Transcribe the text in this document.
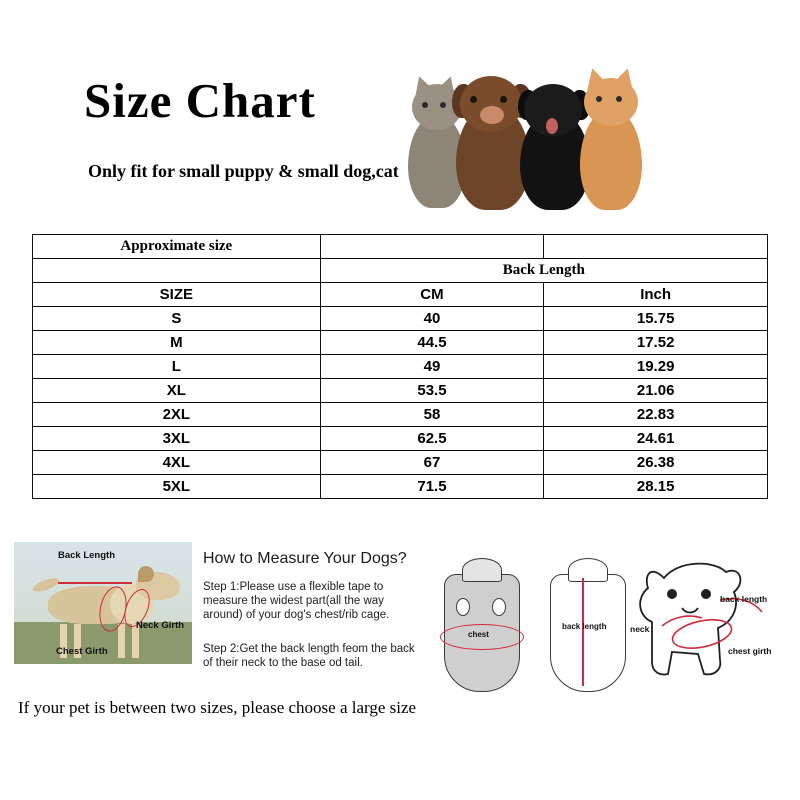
Size Chart
Only fit for small puppy & small dog,cat
Approximate size		
	Back Length	
SIZE	CM	Inch
S	40	15.75
M	44.5	17.52
L	49	19.29
XL	53.5	21.06
2XL	58	22.83
3XL	62.5	24.61
4XL	67	26.38
5XL	71.5	28.15
Back Length
Neck Girth
Chest Girth
How to Measure Your Dogs?
Step 1:Please use a flexible tape to measure the widest part(all the way around) of your dog's chest/rib cage.
Step 2:Get the back length feom the back of their neck to the base od tail.
chest
back length
back length
neck
chest girth
If your pet is between two sizes, please choose a large size
